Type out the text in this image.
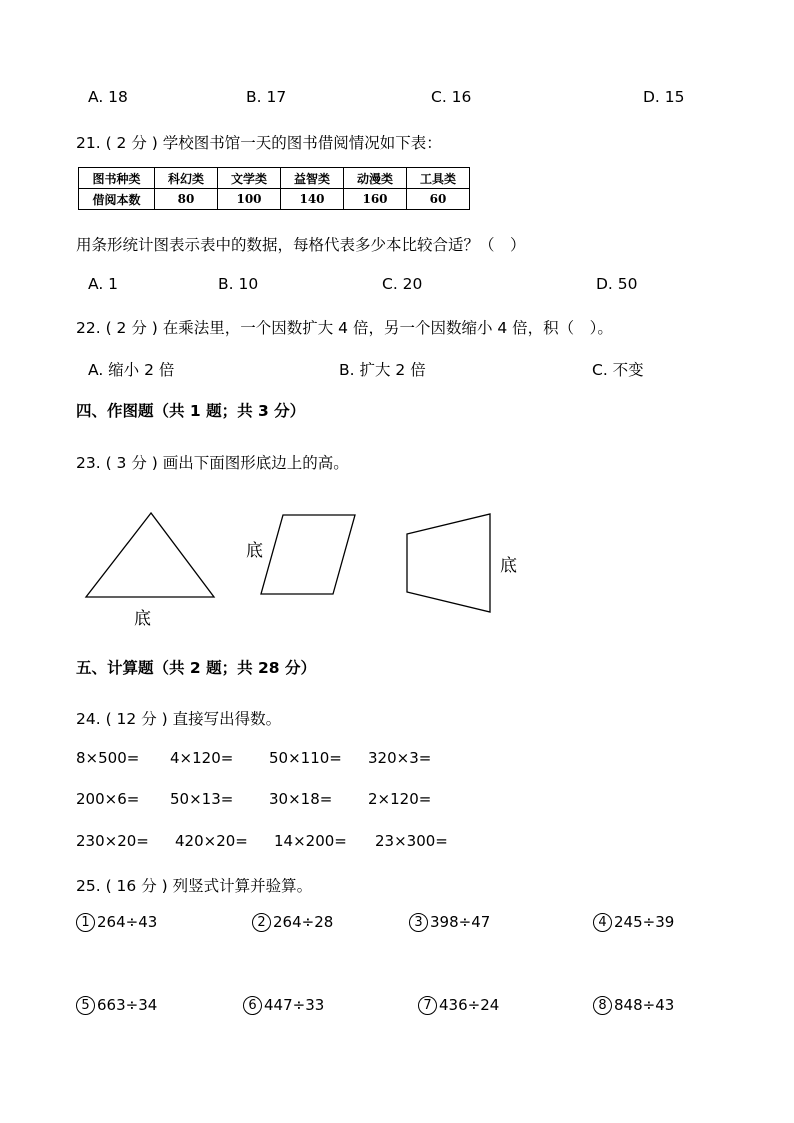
A. 18	B. 17	C. 16	D. 15
21. ( 2 分 ) 学校图书馆一天的图书借阅情况如下表：
图书种类	科幻类	文学类	益智类	动漫类	工具类
借阅本数	80	100	140	160	60
用条形统计图表示表中的数据，每格代表多少本比较合适？（　）
A. 1	B. 10	C. 20	D. 50
22. ( 2 分 ) 在乘法里，一个因数扩大 4 倍，另一个因数缩小 4 倍，积（　）。
A. 缩小 2 倍	B. 扩大 2 倍	C. 不变
四、作图题（共 1 题；共 3 分）
23. ( 3 分 ) 画出下面图形底边上的高。
底
底
底
五、计算题（共 2 题；共 28 分）
24. ( 12 分 ) 直接写出得数。
8×500= 4×120= 50×110= 320×3=
200×6= 50×13= 30×18= 2×120=
230×20= 420×20= 14×200= 23×300=
25. ( 16 分 ) 列竖式计算并验算。
1 264÷43	2 264÷28	3 398÷47	4 245÷39
5 663÷34	6 447÷33	7 436÷24	8 848÷43
